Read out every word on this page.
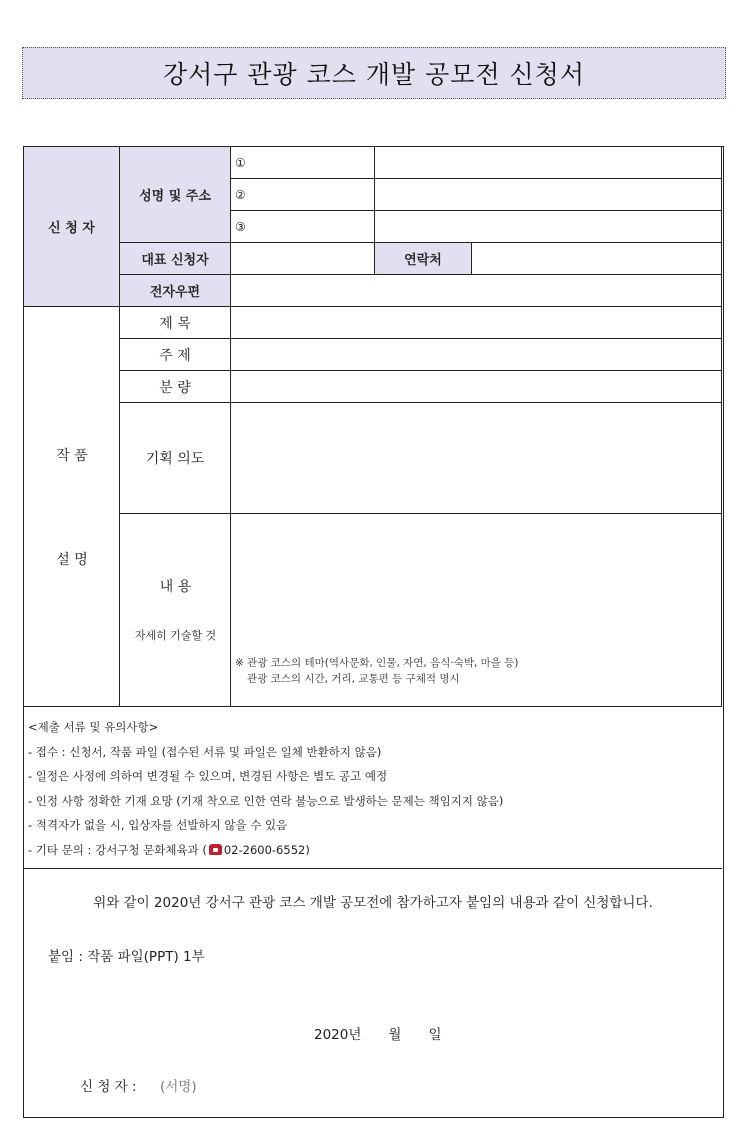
강서구 관광 코스 개발 공모전 신청서
신 청 자
성명 및 주소
①
②
③
대표 신청자	연락처
전자우편
작 품
설 명
제 목
주 제
분 량
기획 의도
내 용
자세히 기술할 것
※ 관광 코스의 테마(역사문화, 인물, 자연, 음식·숙박, 마을 등)
관광 코스의 시간, 거리, 교통편 등 구체적 명시
<제출 서류 및 유의사항>
- 접수 : 신청서, 작품 파일 (접수된 서류 및 파일은 일체 반환하지 않음)
- 일정은 사정에 의하여 변경될 수 있으며, 변경된 사항은 별도 공고 예정
- 인정 사항 정확한 기재 요망 (기재 착오로 인한 연락 불능으로 발생하는 문제는 책임지지 않음)
- 적격자가 없을 시, 입상자를 선발하지 않을 수 있음
- 기타 문의 : 강서구청 문화체육과 ( 02-2600-6552)
위와 같이 2020년 강서구 관광 코스 개발 공모전에 참가하고자 붙임의 내용과 같이 신청합니다.
붙임 : 작품 파일(PPT) 1부
2020년　　월　　일
신 청 자 : (서명)
